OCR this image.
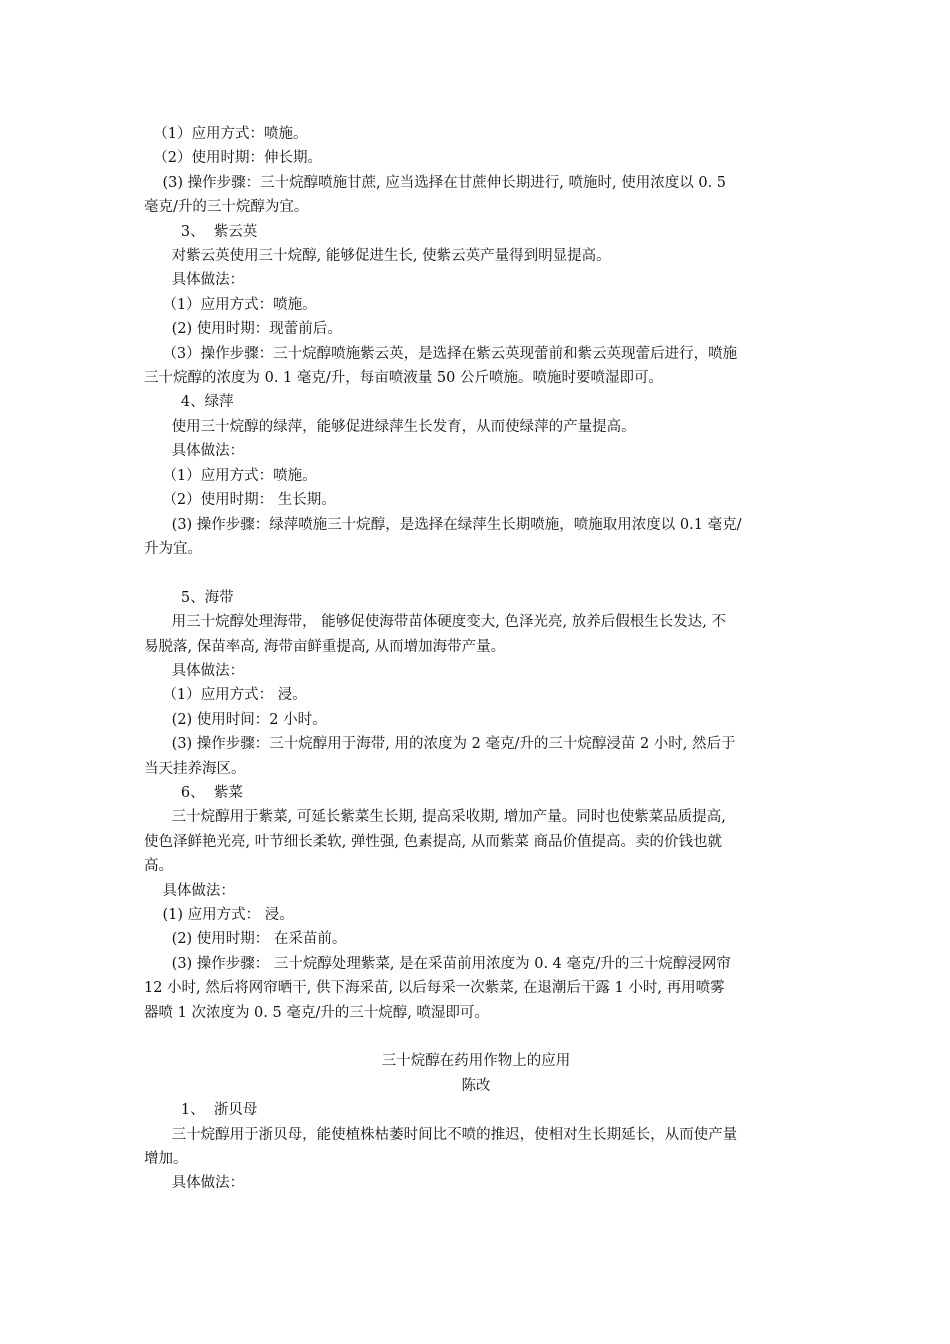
（1）应用方式：喷施。

（2）使用时期：伸长期。

(3) 操作步骤：三十烷醇喷施甘蔗, 应当选择在甘蔗伸长期进行, 喷施时, 使用浓度以 0. 5

毫克/升的三十烷醇为宜。

3、  紫云英

对紫云英使用三十烷醇, 能够促进生长, 使紫云英产量得到明显提高。

具体做法：

（1）应用方式：喷施。

(2) 使用时期：现蕾前后。

（3）操作步骤：三十烷醇喷施紫云英，是选择在紫云英现蕾前和紫云英现蕾后进行，喷施

三十烷醇的浓度为 0. 1 毫克/升，每亩喷液量 50 公斤喷施。喷施时要喷湿即可。

4、绿萍

使用三十烷醇的绿萍，能够促进绿萍生长发育，从而使绿萍的产量提高。

具体做法：

（1）应用方式：喷施。

（2）使用时期： 生长期。

(3) 操作步骤：绿萍喷施三十烷醇，是选择在绿萍生长期喷施，喷施取用浓度以 0.1 毫克/

升为宜。

5、海带

用三十烷醇处理海带， 能够促使海带苗体硬度变大, 色泽光亮, 放养后假根生长发达, 不

易脱落, 保苗率高, 海带亩鲜重提高, 从而增加海带产量。

具体做法：

（1）应用方式： 浸。

(2) 使用时间：2 小时。

(3) 操作步骤：三十烷醇用于海带, 用的浓度为 2 毫克/升的三十烷醇浸苗 2 小时, 然后于

当天挂养海区。

6、  紫菜

三十烷醇用于紫菜, 可延长紫菜生长期, 提高采收期, 增加产量。同时也使紫菜品质提高,

使色泽鲜艳光亮, 叶节细长柔软, 弹性强, 色素提高, 从而紫菜 商品价值提高。卖的价钱也就

高。

具体做法：

(1) 应用方式： 浸。

(2) 使用时期： 在采苗前。

(3) 操作步骤： 三十烷醇处理紫菜, 是在采苗前用浓度为 0. 4 毫克/升的三十烷醇浸网帘

12 小时, 然后将网帘晒干, 供下海采苗, 以后每采一次紫菜, 在退潮后干露 1 小时, 再用喷雾

器喷 1 次浓度为 0. 5 毫克/升的三十烷醇, 喷湿即可。

三十烷醇在药用作物上的应用

陈改

1、  浙贝母

三十烷醇用于浙贝母，能使植株枯萎时间比不喷的推迟，使相对生长期延长，从而使产量

增加。

具体做法：
